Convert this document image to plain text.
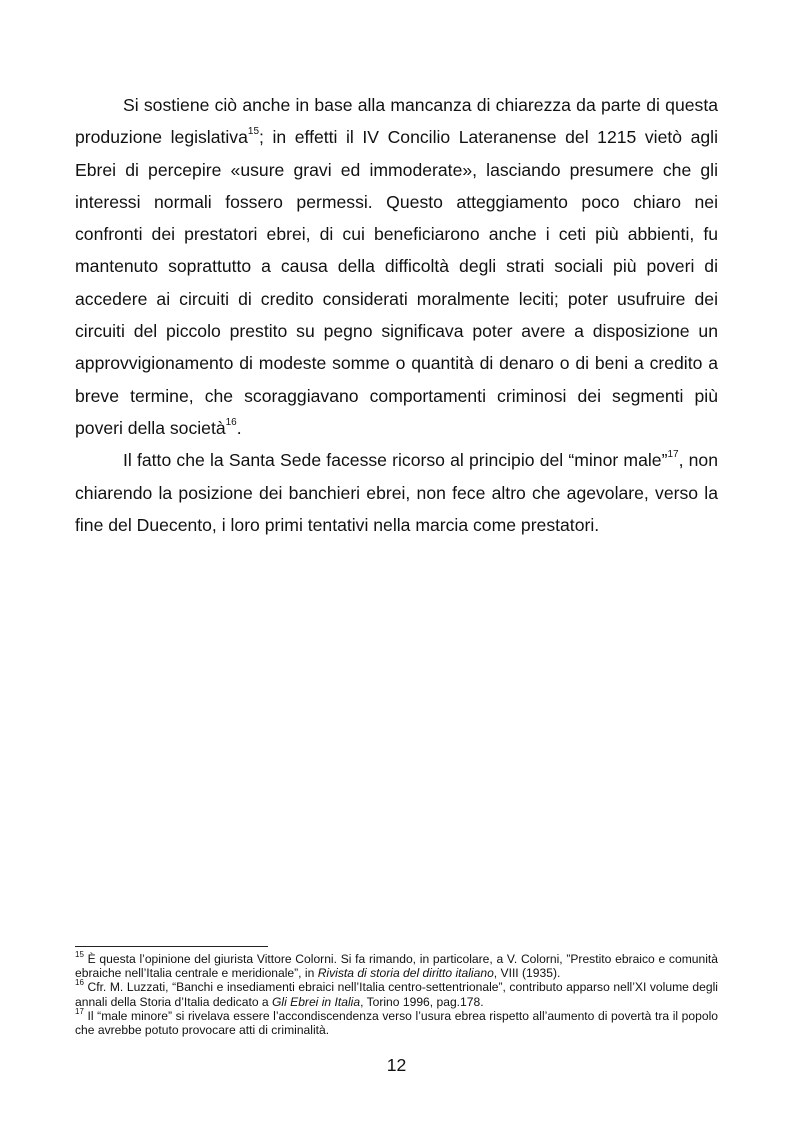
Si sostiene ciò anche in base alla mancanza di chiarezza da parte di questa produzione legislativa$^{15}$; in effetti il IV Concilio Lateranense del 1215 vietò agli Ebrei di percepire «usure gravi ed immoderate», lasciando presumere che gli interessi normali fossero permessi. Questo atteggiamento poco chiaro nei confronti dei prestatori ebrei, di cui beneficiarono anche i ceti più abbienti, fu mantenuto soprattutto a causa della difficoltà degli strati sociali più poveri di accedere ai circuiti di credito considerati moralmente leciti; poter usufruire dei circuiti del piccolo prestito su pegno significava poter avere a disposizione un approvvigionamento di modeste somme o quantità di denaro o di beni a credito a breve termine, che scoraggiavano comportamenti criminosi dei segmenti più poveri della società$^{16}$.

Il fatto che la Santa Sede facesse ricorso al principio del “minor male”$^{17}$, non chiarendo la posizione dei banchieri ebrei, non fece altro che agevolare, verso la fine del Duecento, i loro primi tentativi nella marcia come prestatori.

$^{15}$ È questa l’opinione del giurista Vittore Colorni. Si fa rimando, in particolare, a V. Colorni, ”Prestito ebraico e comunità ebraiche nell’Italia centrale e meridionale”, in Rivista di storia del diritto italiano, VIII (1935).

$^{16}$ Cfr. M. Luzzati, “Banchi e insediamenti ebraici nell’Italia centro-settentrionale”, contributo apparso nell’XI volume degli annali della Storia d’Italia dedicato a Gli Ebrei in Italia, Torino 1996, pag.178.

$^{17}$ Il “male minore” si rivelava essere l’accondiscendenza verso l’usura ebrea rispetto all’aumento di povertà tra il popolo che avrebbe potuto provocare atti di criminalità.

12
